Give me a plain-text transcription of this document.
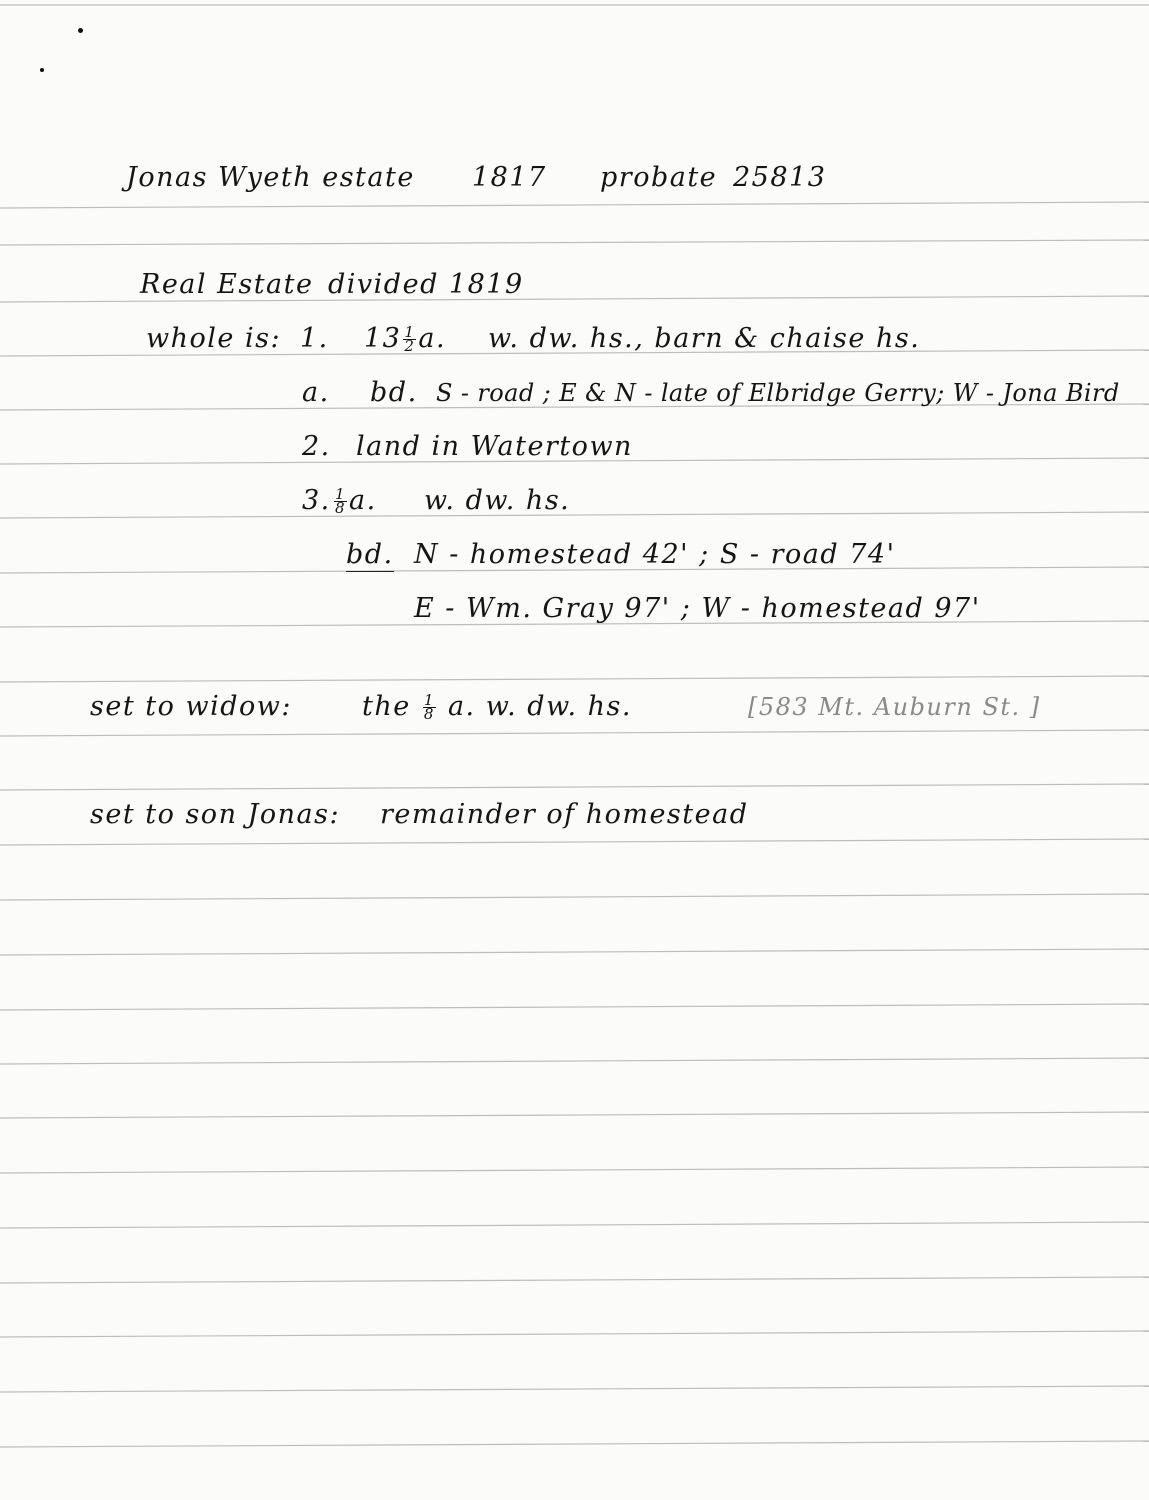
Jonas Wyeth estate 1817 probate 25813
Real Estate divided 1819
whole is: 1. $13 \frac{1}{2} a$. w. dw. hs., barn & chaise hs.
a. bd. S - road ; E & N - late of Elbridge Gerry; W - Jona Bird
2. land in Watertown
3. $\frac{1}{8} a$. w. dw. hs.
bd. N - homestead 42' ; S - road 74'
E - Wm. Gray 97' ; W - homestead 97'
set to widow:	the $\frac{1}{8} a$. w. dw. hs.	[583 Mt. Auburn St. ]
set to son Jonas: remainder of homestead
